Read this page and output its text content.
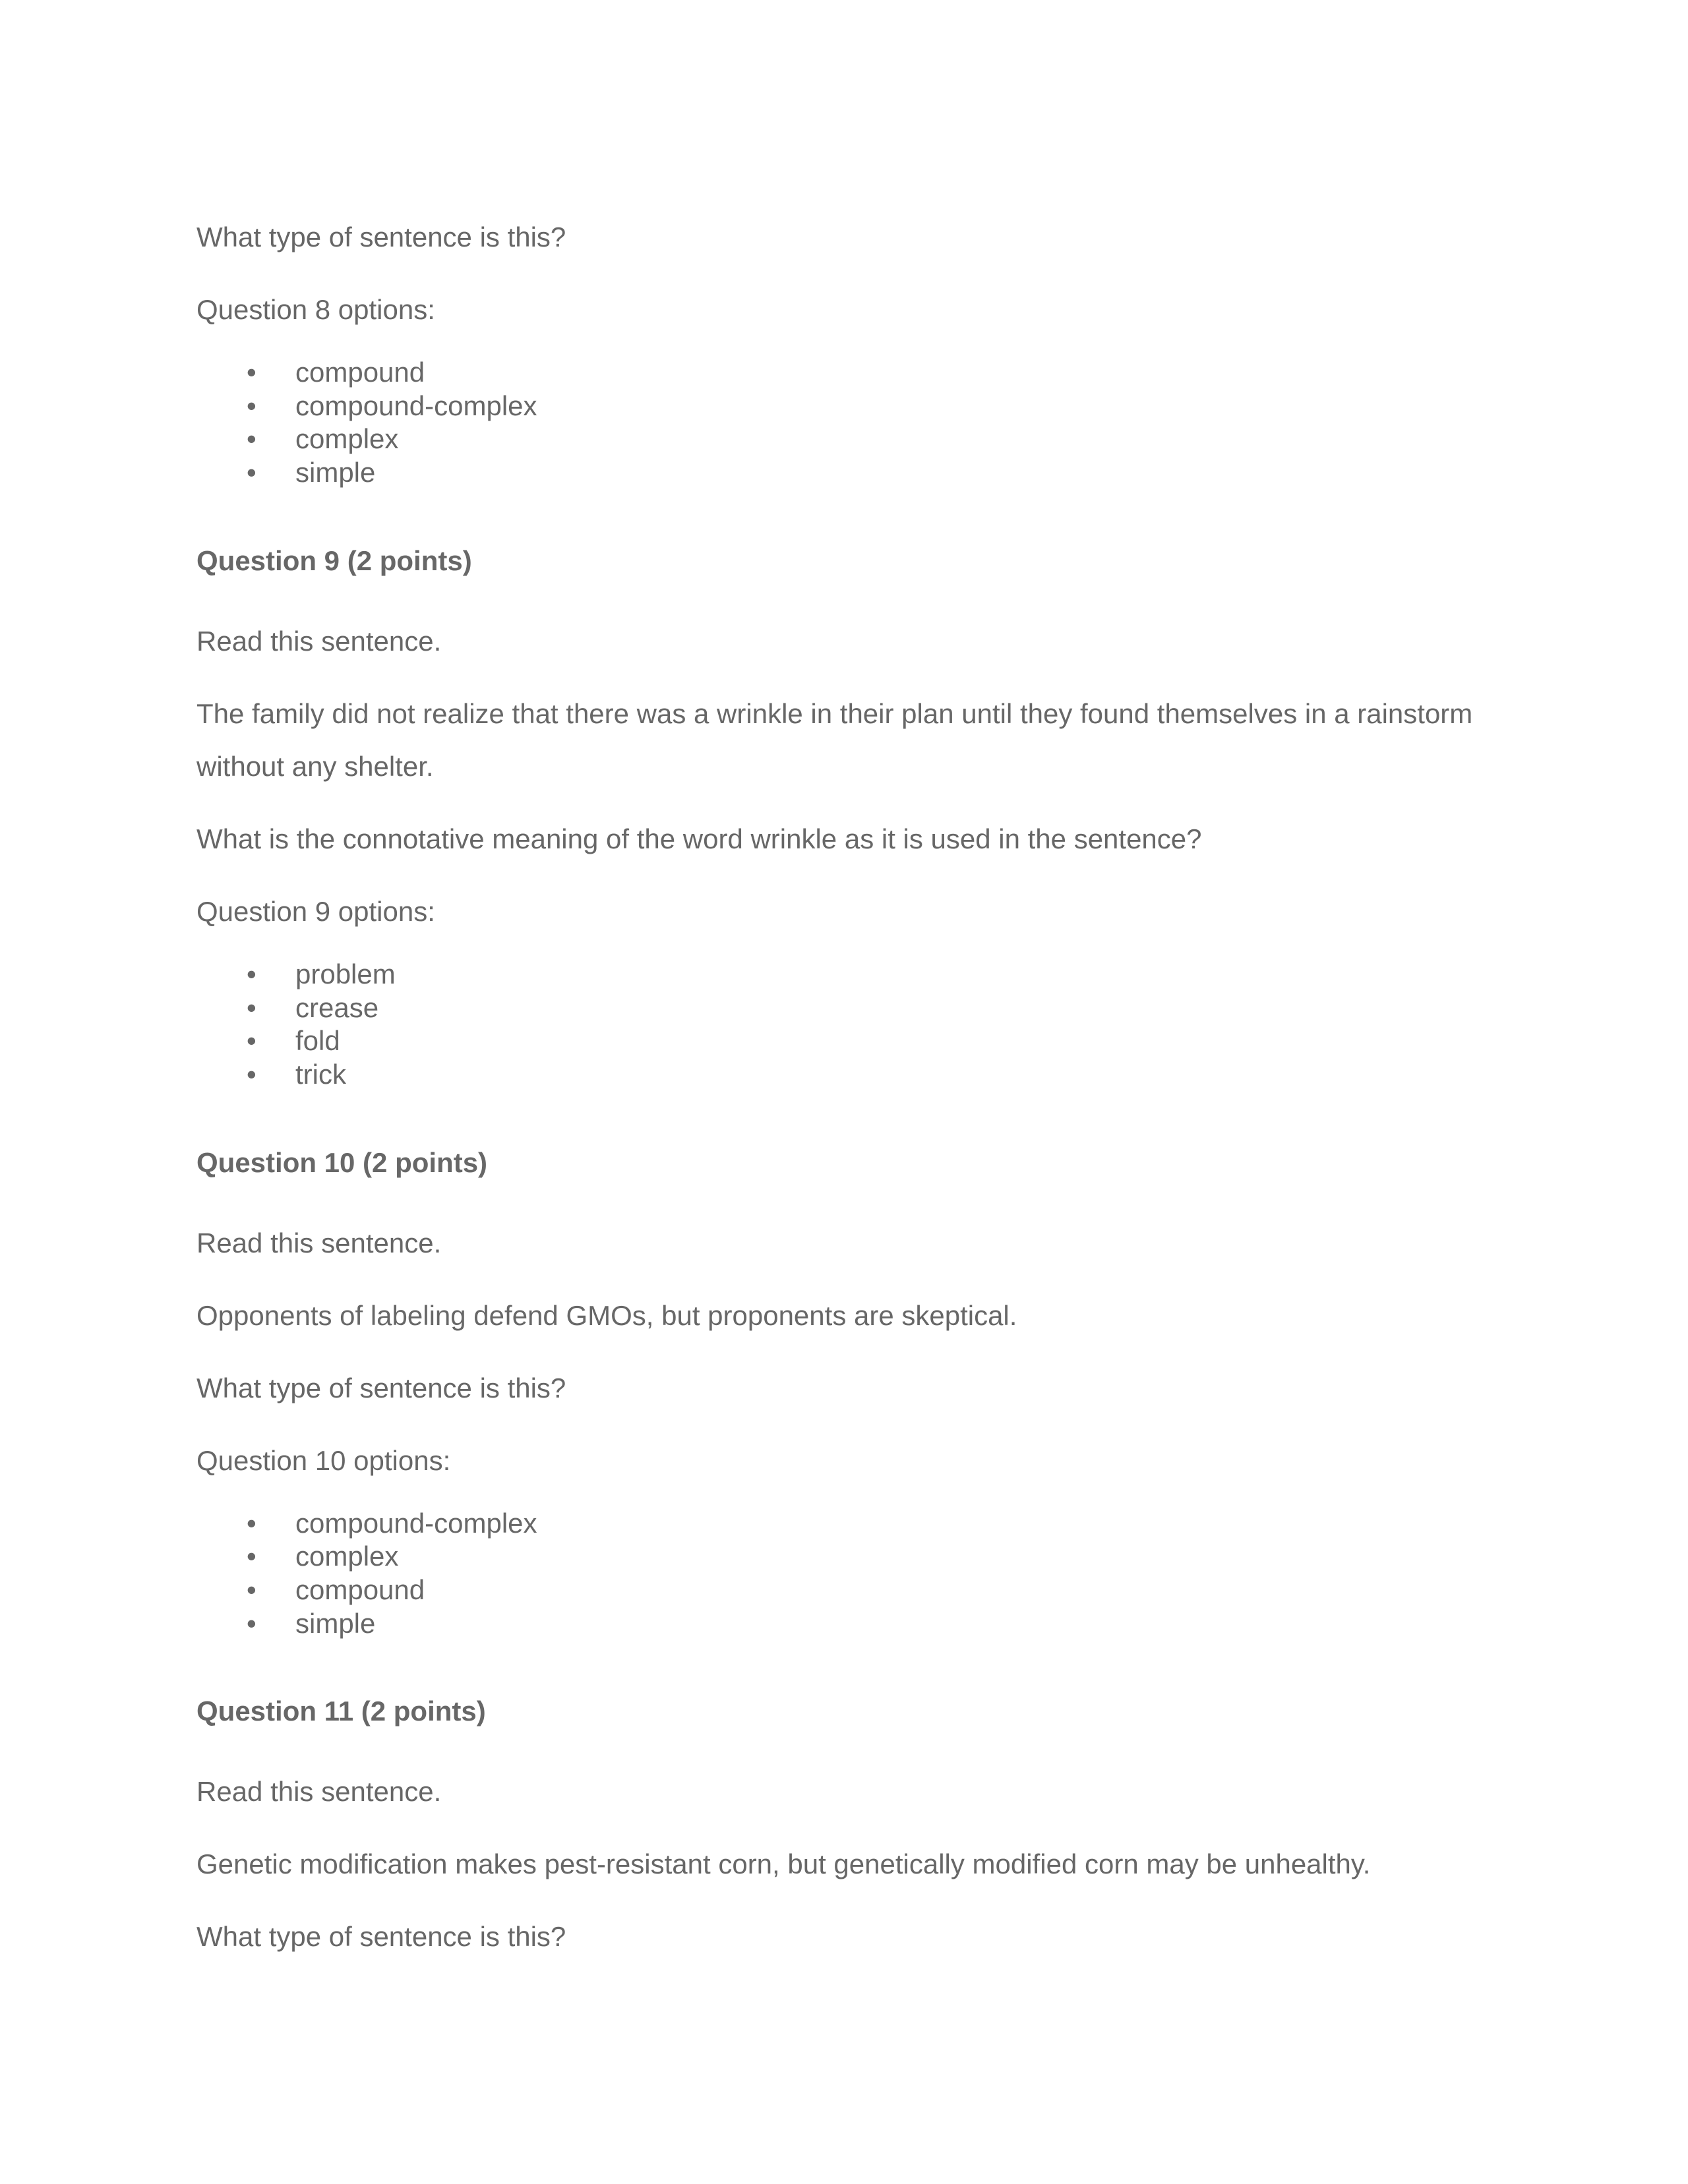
What type of sentence is this?

Question 8 options:

• compound
• compound-complex
• complex
• simple

Question 9 (2 points)

Read this sentence.

The family did not realize that there was a wrinkle in their plan until they found themselves in a rainstorm
without any shelter.

What is the connotative meaning of the word wrinkle as it is used in the sentence?

Question 9 options:

• problem
• crease
• fold
• trick

Question 10 (2 points)

Read this sentence.

Opponents of labeling defend GMOs, but proponents are skeptical.

What type of sentence is this?

Question 10 options:

• compound-complex
• complex
• compound
• simple

Question 11 (2 points)

Read this sentence.

Genetic modification makes pest-resistant corn, but genetically modified corn may be unhealthy.

What type of sentence is this?
